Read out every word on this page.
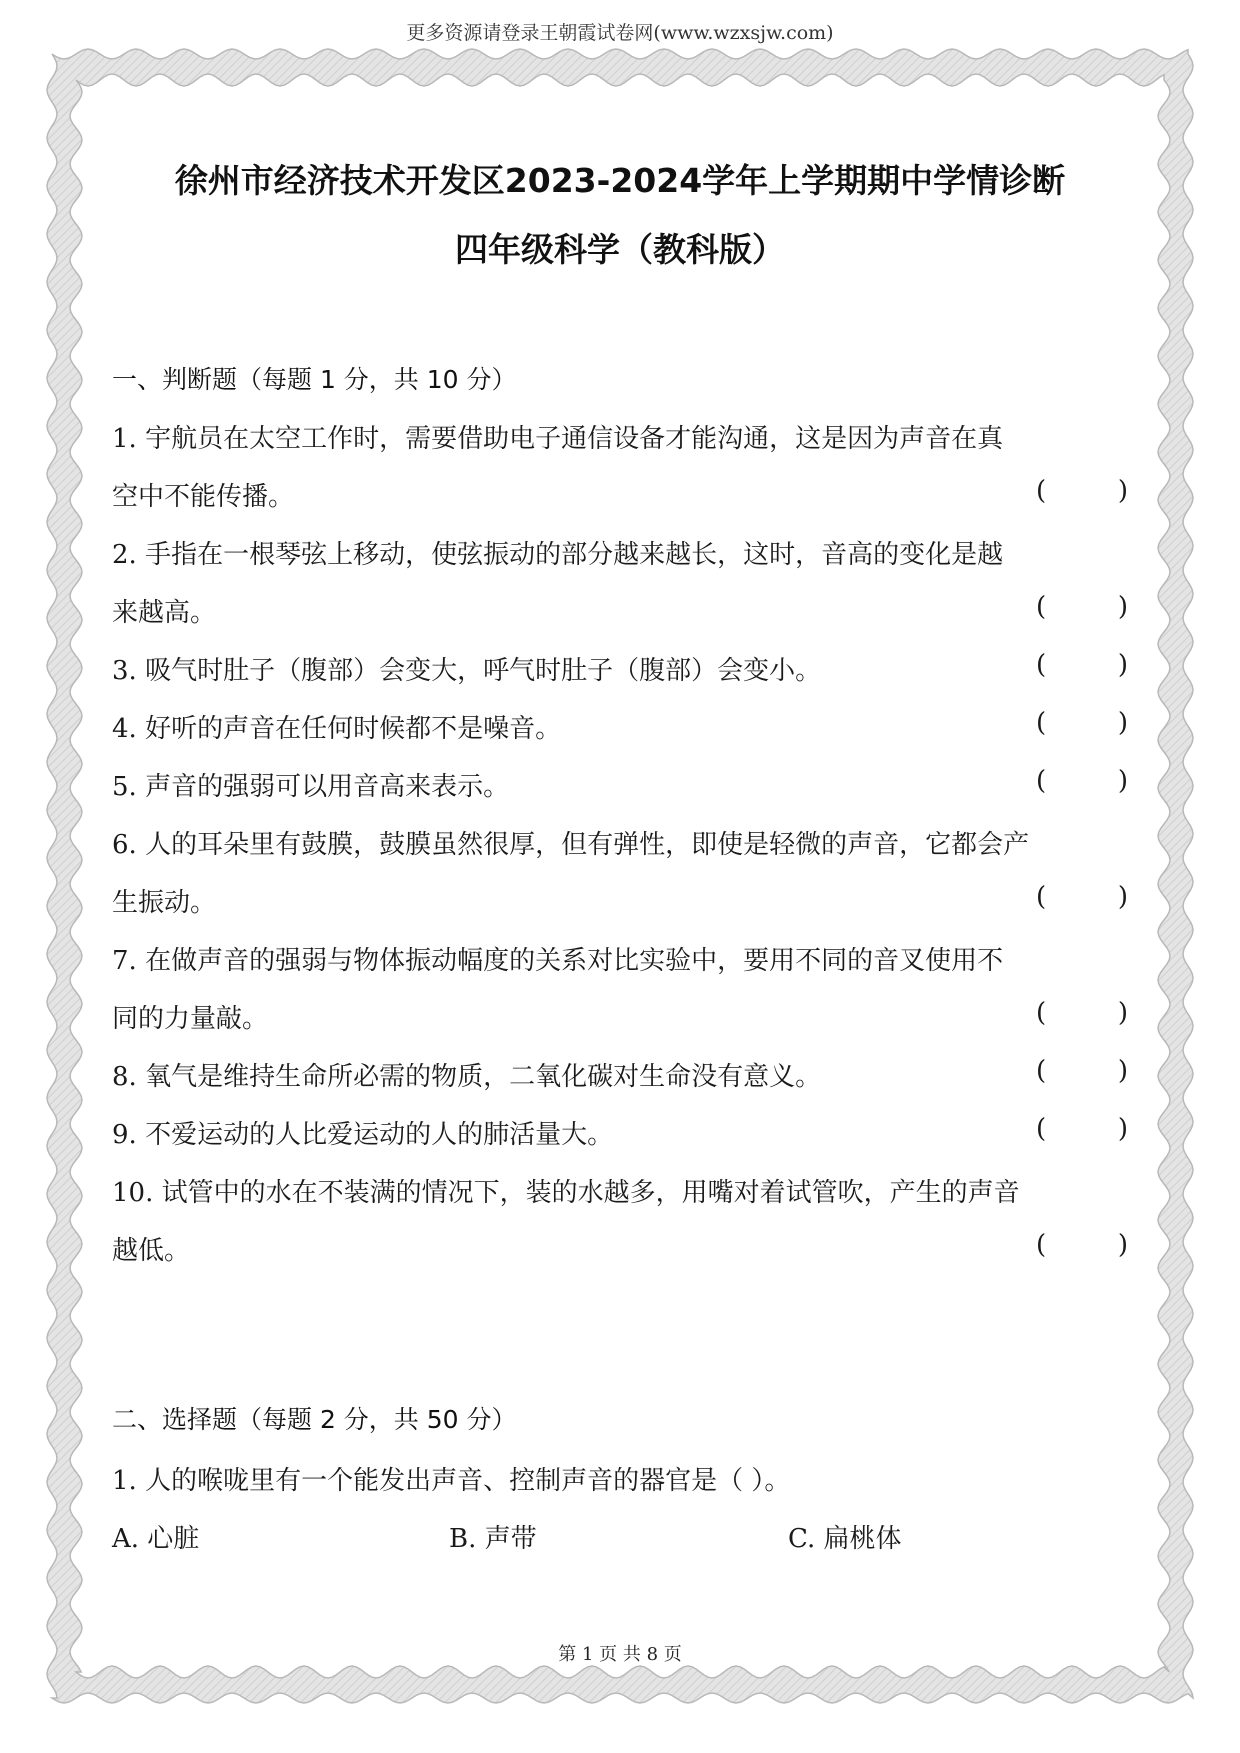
更多资源请登录王朝霞试卷网(www.wzxsjw.com)
徐州市经济技术开发区2023-2024学年上学期期中学情诊断
四年级科学（教科版）
一、判断题（每题 1 分，共 10 分）
1. 宇航员在太空工作时，需要借助电子通信设备才能沟通，这是因为声音在真
空中不能传播。	(	)
2. 手指在一根琴弦上移动，使弦振动的部分越来越长，这时，音高的变化是越
来越高。	(	)
3. 吸气时肚子（腹部）会变大，呼气时肚子（腹部）会变小。	(	)
4. 好听的声音在任何时候都不是噪音。	(	)
5. 声音的强弱可以用音高来表示。	(	)
6. 人的耳朵里有鼓膜，鼓膜虽然很厚，但有弹性，即使是轻微的声音，它都会产
生振动。	(	)
7. 在做声音的强弱与物体振动幅度的关系对比实验中，要用不同的音叉使用不
同的力量敲。	(	)
8. 氧气是维持生命所必需的物质，二氧化碳对生命没有意义。	(	)
9. 不爱运动的人比爱运动的人的肺活量大。	(	)
10. 试管中的水在不装满的情况下，装的水越多，用嘴对着试管吹，产生的声音
越低。	(	)
二、选择题（每题 2 分，共 50 分）
1. 人的喉咙里有一个能发出声音、控制声音的器官是（ ）。
A. 心脏	B. 声带	C. 扁桃体
第 1 页 共 8 页
